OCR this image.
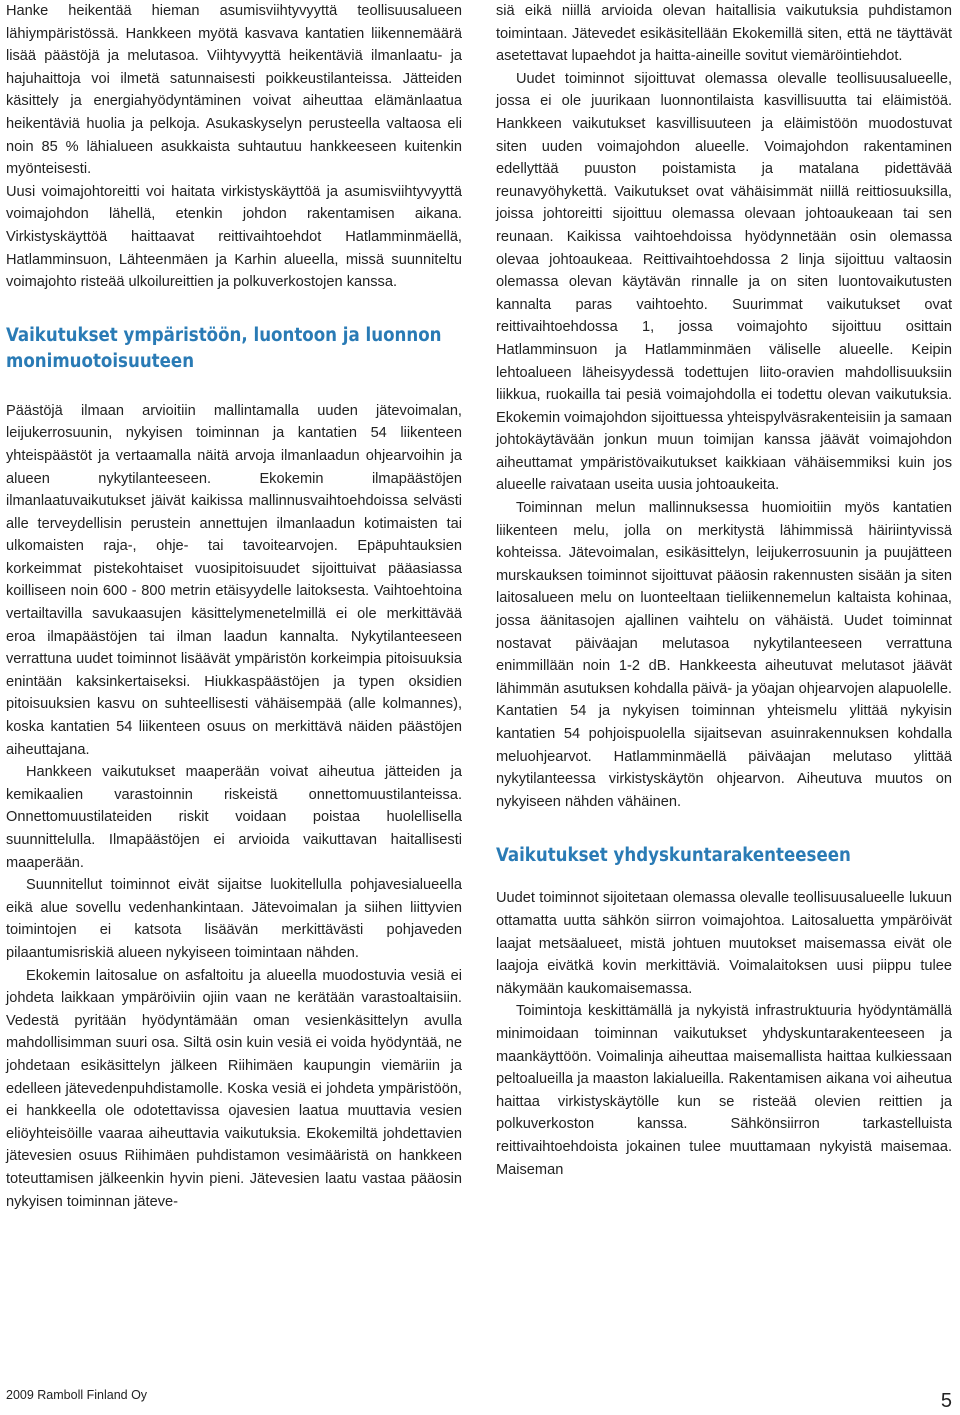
Hanke heikentää hieman asumisviihtyvyyttä teollisuusalueen lähiympäristössä. Hankkeen myötä kasvava kantatien liikennemäärä lisää päästöjä ja melutasoa. Viihtyvyyttä heikentäviä ilmanlaatu- ja hajuhaittoja voi ilmetä satunnaisesti poikkeustilanteissa. Jätteiden käsittely ja energiahyödyntäminen voivat aiheuttaa elämänlaatua heikentäviä huolia ja pelkoja. Asukaskyselyn perusteella valtaosa eli noin 85 % lähialueen asukkaista suhtautuu hankkeeseen kuitenkin myönteisesti.

Uusi voimajohtoreitti voi haitata virkistyskäyttöä ja asumisviihtyvyyttä voimajohdon lähellä, etenkin johdon rakentamisen aikana. Virkistyskäyttöä haittaavat reittivaihtoehdot Hatlamminmäellä, Hatlamminsuon, Lähteenmäen ja Karhin alueella, missä suunniteltu voimajohto risteää ulkoilureittien ja polkuverkostojen kanssa.

Vaikutukset ympäristöön, luontoon ja luonnon monimuotoisuuteen

Päästöjä ilmaan arvioitiin mallintamalla uuden jätevoimalan, leijukerrosuunin, nykyisen toiminnan ja kantatien 54 liikenteen yhteispäästöt ja vertaamalla näitä arvoja ilmanlaadun ohjearvoihin ja alueen nykytilanteeseen. Ekokemin ilmapäästöjen ilmanlaatuvaikutukset jäivät kaikissa mallinnusvaihtoehdoissa selvästi alle terveydellisin perustein annettujen ilmanlaadun kotimaisten tai ulkomaisten raja-, ohje- tai tavoitearvojen. Epäpuhtauksien korkeimmat pistekohtaiset vuosipitoisuudet sijoittuivat pääasiassa koilliseen noin 600 - 800 metrin etäisyydelle laitoksesta. Vaihtoehtoina vertailtavilla savukaasujen käsittelymenetelmillä ei ole merkittävää eroa ilmapäästöjen tai ilman laadun kannalta. Nykytilanteeseen verrattuna uudet toiminnot lisäävät ympäristön korkeimpia pitoisuuksia enintään kaksinkertaiseksi. Hiukkaspäästöjen ja typen oksidien pitoisuuksien kasvu on suhteellisesti vähäisempää (alle kolmannes), koska kantatien 54 liikenteen osuus on merkittävä näiden päästöjen aiheuttajana.

Hankkeen vaikutukset maaperään voivat aiheutua jätteiden ja kemikaalien varastoinnin riskeistä onnettomuustilanteissa. Onnettomuustilateiden riskit voidaan poistaa huolellisella suunnittelulla. Ilmapäästöjen ei arvioida vaikuttavan haitallisesti maaperään.

Suunnitellut toiminnot eivät sijaitse luokitellulla pohjavesialueella eikä alue sovellu vedenhankintaan. Jätevoimalan ja siihen liittyvien toimintojen ei katsota lisäävän merkittävästi pohjaveden pilaantumisriskiä alueen nykyiseen toimintaan nähden.

Ekokemin laitosalue on asfaltoitu ja alueella muodostuvia vesiä ei johdeta laikkaan ympäröiviin ojiin vaan ne kerätään varastoaltaisiin. Vedestä pyritään hyödyntämään oman vesienkäsittelyn avulla mahdollisimman suuri osa. Siltä osin kuin vesiä ei voida hyödyntää, ne johdetaan esikäsittelyn jälkeen Riihimäen kaupungin viemäriin ja edelleen jätevedenpuhdistamolle. Koska vesiä ei johdeta ympäristöön, ei hankkeella ole odotettavissa ojavesien laatua muuttavia vesien eliöyhteisöille vaaraa aiheuttavia vaikutuksia. Ekokemiltä johdettavien jätevesien osuus Riihimäen puhdistamon vesimääristä on hankkeen toteuttamisen jälkeenkin hyvin pieni. Jätevesien laatu vastaa pääosin nykyisen toiminnan jäteve-

siä eikä niillä arvioida olevan haitallisia vaikutuksia puhdistamon toimintaan. Jätevedet esikäsitellään Ekokemillä siten, että ne täyttävät asetettavat lupaehdot ja haitta-aineille sovitut viemäröintiehdot.

Uudet toiminnot sijoittuvat olemassa olevalle teollisuusalueelle, jossa ei ole juurikaan luonnontilaista kasvillisuutta tai eläimistöä. Hankkeen vaikutukset kasvillisuuteen ja eläimistöön muodostuvat siten uuden voimajohdon alueelle. Voimajohdon rakentaminen edellyttää puuston poistamista ja matalana pidettävää reunavyöhykettä. Vaikutukset ovat vähäisimmät niillä reittiosuuksilla, joissa johtoreitti sijoittuu olemassa olevaan johtoaukeaan tai sen reunaan. Kaikissa vaihtoehdoissa hyödynnetään osin olemassa olevaa johtoaukeaa. Reittivaihtoehdossa 2 linja sijoittuu valtaosin olemassa olevan käytävän rinnalle ja on siten luontovaikutusten kannalta paras vaihtoehto. Suurimmat vaikutukset ovat reittivaihtoehdossa 1, jossa voimajohto sijoittuu osittain Hatlamminsuon ja Hatlamminmäen väliselle alueelle. Keipin lehtoalueen läheisyydessä todettujen liito-oravien mahdollisuuksiin liikkua, ruokailla tai pesiä voimajohdolla ei todettu olevan vaikutuksia. Ekokemin voimajohdon sijoittuessa yhteispylväsrakenteisiin ja samaan johtokäytävään jonkun muun toimijan kanssa jäävät voimajohdon aiheuttamat ympäristövaikutukset kaikkiaan vähäisemmiksi kuin jos alueelle raivataan useita uusia johtoaukeita.

Toiminnan melun mallinnuksessa huomioitiin myös kantatien liikenteen melu, jolla on merkitystä lähimmissä häiriintyvissä kohteissa. Jätevoimalan, esikäsittelyn, leijukerrosuunin ja puujätteen murskauksen toiminnot sijoittuvat pääosin rakennusten sisään ja siten laitosalueen melu on luonteeltaan tieliikennemelun kaltaista kohinaa, jossa äänitasojen ajallinen vaihtelu on vähäistä. Uudet toiminnat nostavat päiväajan melutasoa nykytilanteeseen verrattuna enimmillään noin 1-2 dB. Hankkeesta aiheutuvat melutasot jäävät lähimmän asutuksen kohdalla päivä- ja yöajan ohjearvojen alapuolelle. Kantatien 54 ja nykyisen toiminnan yhteismelu ylittää nykyisin kantatien 54 pohjoispuolella sijaitsevan asuinrakennuksen kohdalla meluohjearvot. Hatlamminmäellä päiväajan melutaso ylittää nykytilanteessa virkistyskäytön ohjearvon. Aiheutuva muutos on nykyiseen nähden vähäinen.

Vaikutukset yhdyskuntarakenteeseen

Uudet toiminnot sijoitetaan olemassa olevalle teollisuusalueelle lukuun ottamatta uutta sähkön siirron voimajohtoa. Laitosaluetta ympäröivät laajat metsäalueet, mistä johtuen muutokset maisemassa eivät ole laajoja eivätkä kovin merkittäviä. Voimalaitoksen uusi piippu tulee näkymään kaukomaisemassa.

Toimintoja keskittämällä ja nykyistä infrastruktuuria hyödyntämällä minimoidaan toiminnan vaikutukset yhdyskuntarakenteeseen ja maankäyttöön. Voimalinja aiheuttaa maisemallista haittaa kulkiessaan peltoalueilla ja maaston lakialueilla. Rakentamisen aikana voi aiheutua haittaa virkistyskäytölle kun se risteää olevien reittien ja polkuverkoston kanssa. Sähkönsiirron tarkastelluista reittivaihtoehdoista jokainen tulee muuttamaan nykyistä maisemaa. Maiseman

2009 Ramboll Finland Oy	5
